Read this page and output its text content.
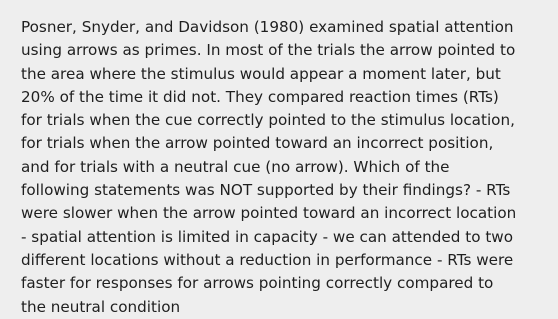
Posner, Snyder, and Davidson (1980) examined spatial attention
using arrows as primes. In most of the trials the arrow pointed to
the area where the stimulus would appear a moment later, but
20% of the time it did not. They compared reaction times (RTs)
for trials when the cue correctly pointed to the stimulus location,
for trials when the arrow pointed toward an incorrect position,
and for trials with a neutral cue (no arrow). Which of the
following statements was NOT supported by their findings? - RTs
were slower when the arrow pointed toward an incorrect location
- spatial attention is limited in capacity - we can attended to two
different locations without a reduction in performance - RTs were
faster for responses for arrows pointing correctly compared to
the neutral condition
